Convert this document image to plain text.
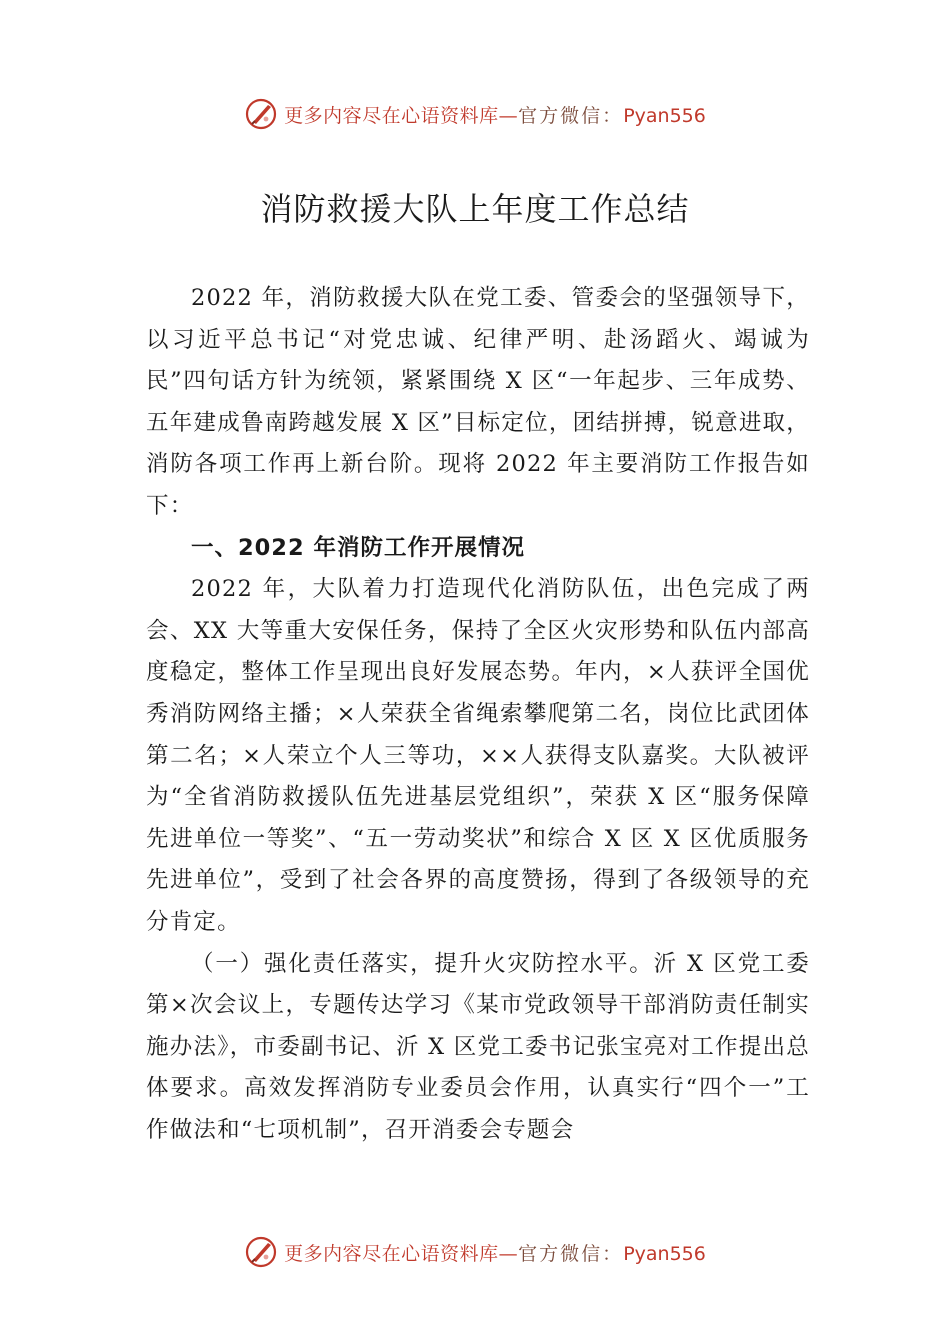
更多内容尽在心语资料库—官方微信：Pyan556
消防救援大队上年度工作总结

2022 年，消防救援大队在党工委、管委会的坚强领导下，以习近平总书记“对党忠诚、纪律严明、赴汤蹈火、竭诚为民”四句话方针为统领，紧紧围绕 X 区“一年起步、三年成势、五年建成鲁南跨越发展 X 区”目标定位，团结拼搏，锐意进取， 消防各项工作再上新台阶。现将 2022 年主要消防工作报告如下：

一、2022 年消防工作开展情况

2022 年，大队着力打造现代化消防队伍，出色完成了两会、XX 大等重大安保任务，保持了全区火灾形势和队伍内部高度稳定，整体工作呈现出良好发展态势。年内，×人获评全国优秀消防网络主播；×人荣获全省绳索攀爬第二名，岗位比武团体第二名；×人荣立个人三等功，××人获得支队嘉奖。大队被评为“全省消防救援队伍先进基层党组织”，荣获 X 区“服务保障先进单位一等奖”、“五一劳动奖状”和综合 X 区 X 区优质服务先进单位”，受到了社会各界的高度赞扬，得到了各级领导的充分肯定。

（一）强化责任落实，提升火灾防控水平。沂 X 区党工委第×次会议上，专题传达学习《某市党政领导干部消防责任制实施办法》，市委副书记、沂 X 区党工委书记张宝亮对工作提出总体要求。高效发挥消防专业委员会作用，认真实行“四个一”工作做法和“七项机制”，召开消委会专题会

更多内容尽在心语资料库—官方微信：Pyan556
